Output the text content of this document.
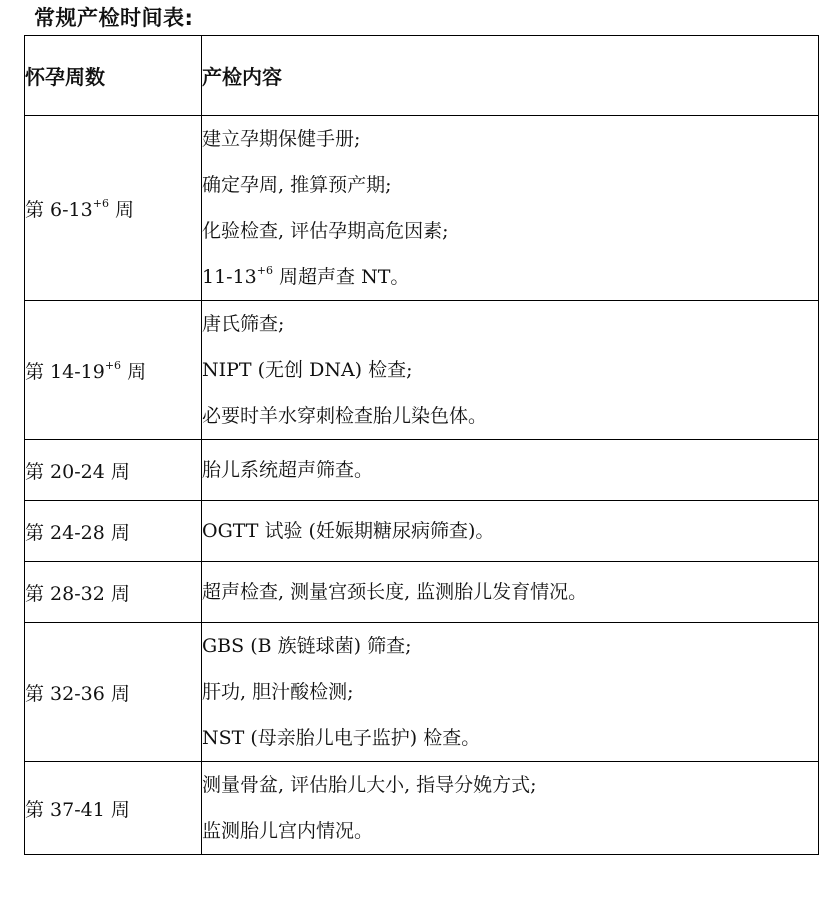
常规产检时间表:
怀孕周数	产检内容
第 $6-13^{+6}$ 周	建立孕期保健手册;
确定孕周, 推算预产期;
化验检查, 评估孕期高危因素;
$11-13^{+6}$ 周超声查 NT。

第 $14-19^{+6}$ 周	唐氏筛查;
NIPT (无创 DNA) 检查;
必要时羊水穿刺检查胎儿染色体。

第 20-24 周	胎儿系统超声筛查。

第 24-28 周	OGTT 试验 (妊娠期糖尿病筛查)。

第 28-32 周	超声检查, 测量宫颈长度, 监测胎儿发育情况。

第 32-36 周	GBS (B 族链球菌) 筛查;
肝功, 胆汁酸检测;
NST (母亲胎儿电子监护) 检查。

第 37-41 周	测量骨盆, 评估胎儿大小, 指导分娩方式;
监测胎儿宫内情况。
